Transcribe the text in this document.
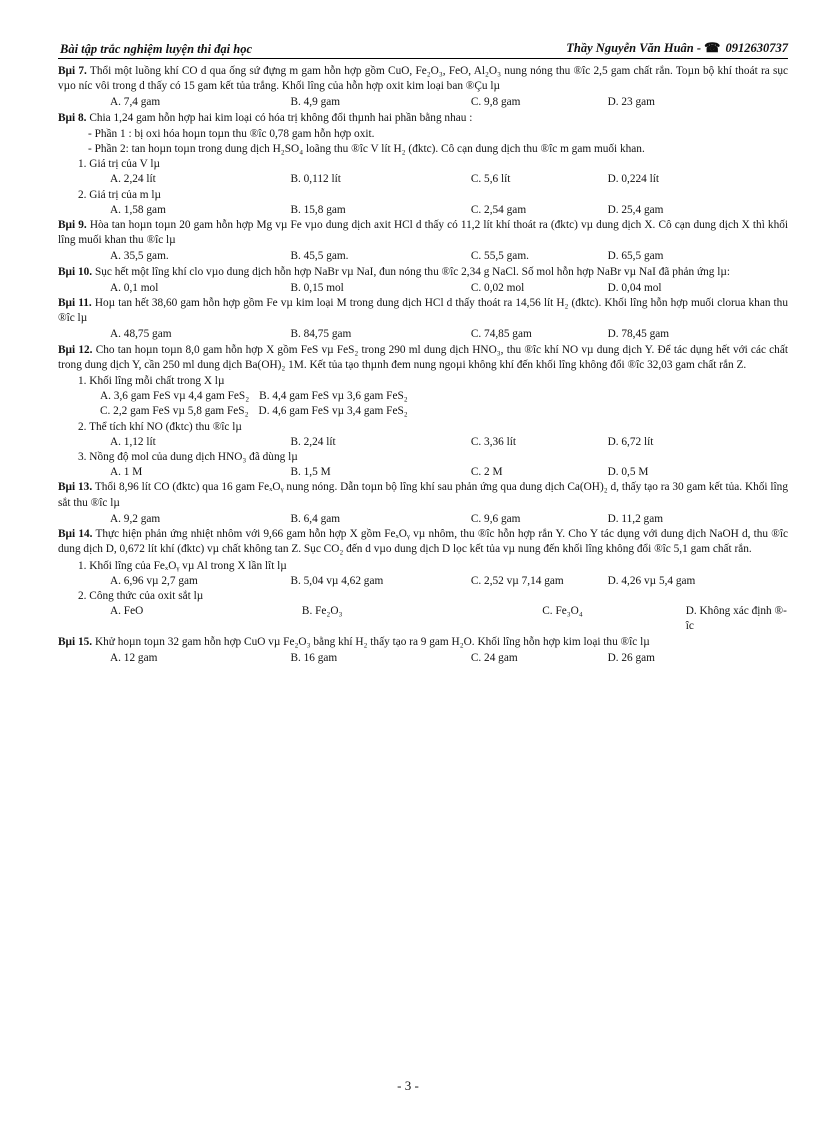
Bài tập trắc nghiệm luyện thi đại học	Thầy Nguyễn Văn Huân - ☎ 0912630737
Bµi 7. Thổi một luồng khí CO d qua ống sứ đựng m gam hỗn hợp gồm CuO, Fe₂O₃, FeO, Al₂O₃ nung nóng thu ®îc 2,5 gam chất rắn. Toµn bộ khí thoát ra sục vµo níc vôi trong d thấy có 15 gam kết tủa trắng. Khối lîng của hỗn hợp oxit kim loại ban ®Çu lµ
A. 7,4 gam	B. 4,9 gam	C. 9,8 gam	D. 23 gam
Bµi 8. Chia 1,24 gam hỗn hợp hai kim loại có hóa trị không đổi thµnh hai phần bằng nhau :
- Phần 1 : bị oxi hóa hoµn toµn thu ®îc 0,78 gam hỗn hợp oxit.
- Phần 2: tan hoµn toµn trong dung dịch H₂SO₄ loãng thu ®îc V lít H₂ (đktc). Cô cạn dung dịch thu ®îc m gam muối khan.
1. Giá trị của V lµ
A. 2,24 lít	B. 0,112 lít	C. 5,6 lít	D. 0,224 lít
2. Giá trị của m lµ
A. 1,58 gam	B. 15,8 gam	C. 2,54 gam	D. 25,4 gam
Bµi 9. Hòa tan hoµn toµn 20 gam hỗn hợp Mg vµ Fe vµo dung dịch axit HCl d thấy có 11,2 lít khí thoát ra (đktc) vµ dung dịch X. Cô cạn dung dịch X thì khối lîng muối khan thu ®îc lµ
A. 35,5 gam.	B. 45,5 gam.	C. 55,5 gam.	D. 65,5 gam
Bµi 10. Sục hết một lîng khí clo vµo dung dịch hỗn hợp NaBr vµ NaI, đun nóng thu ®îc 2,34 g NaCl. Số mol hỗn hợp NaBr vµ NaI đã phản ứng lµ:
A. 0,1 mol	B. 0,15 mol	C. 0,02 mol	D. 0,04 mol
Bµi 11. Hoµ tan hết 38,60 gam hỗn hợp gồm Fe vµ kim loại M trong dung dịch HCl d thấy thoát ra 14,56 lít H₂ (đktc). Khối lîng hỗn hợp muối clorua khan thu ®îc lµ
A. 48,75 gam	B. 84,75 gam	C. 74,85 gam	D. 78,45 gam
Bµi 12. Cho tan hoµn toµn 8,0 gam hỗn hợp X gồm FeS vµ FeS₂ trong 290 ml dung dịch HNO₃, thu ®îc khí NO vµ dung dịch Y. Để tác dụng hết với các chất trong dung dịch Y, cần 250 ml dung dịch Ba(OH)₂ 1M. Kết tủa tạo thµnh đem nung ngoµi không khí đến khối lîng không đổi ®îc 32,03 gam chất rắn Z.
1. Khối lîng mỗi chất trong X lµ
A. 3,6 gam FeS vµ 4,4 gam FeS₂ B. 4,4 gam FeS vµ 3,6 gam FeS₂
C. 2,2 gam FeS vµ 5,8 gam FeS₂ D. 4,6 gam FeS vµ 3,4 gam FeS₂
2. Thể tích khí NO (đktc) thu ®îc lµ
A. 1,12 lít	B. 2,24 lít	C. 3,36 lít	D. 6,72 lít
3. Nồng độ mol của dung dịch HNO₃ đã dùng lµ
A. 1 M	B. 1,5 M	C. 2 M	D. 0,5 M
Bµi 13. Thổi 8,96 lít CO (đktc) qua 16 gam FeₓOᵧ nung nóng. Dẫn toµn bộ lîng khí sau phản ứng qua dung dịch Ca(OH)₂ d, thấy tạo ra 30 gam kết tủa. Khối lîng sắt thu ®îc lµ
A. 9,2 gam	B. 6,4 gam	C. 9,6 gam	D. 11,2 gam
Bµi 14. Thực hiện phản ứng nhiệt nhôm với 9,66 gam hỗn hợp X gồm FeₓOᵧ vµ nhôm, thu ®îc hỗn hợp rắn Y. Cho Y tác dụng với dung dịch NaOH d, thu ®îc dung dịch D, 0,672 lít khí (đktc) vµ chất không tan Z. Sục CO₂ đến d vµo dung dịch D lọc kết tủa vµ nung đến khối lîng không đổi ®îc 5,1 gam chất rắn.
1. Khối lîng của FeₓOᵧ vµ Al trong X lần lît lµ
A. 6,96 vµ 2,7 gam	B. 5,04 vµ 4,62 gam	C. 2,52 vµ 7,14 gam	D. 4,26 vµ 5,4 gam
2. Công thức của oxit sắt lµ
A. FeO	B. Fe₂O₃	C. Fe₃O₄	D. Không xác định ®îc
Bµi 15. Khử hoµn toµn 32 gam hỗn hợp CuO vµ Fe₂O₃ bằng khí H₂ thấy tạo ra 9 gam H₂O. Khối lîng hỗn hợp kim loại thu ®îc lµ
A. 12 gam	B. 16 gam	C. 24 gam	D. 26 gam
- 3 -
